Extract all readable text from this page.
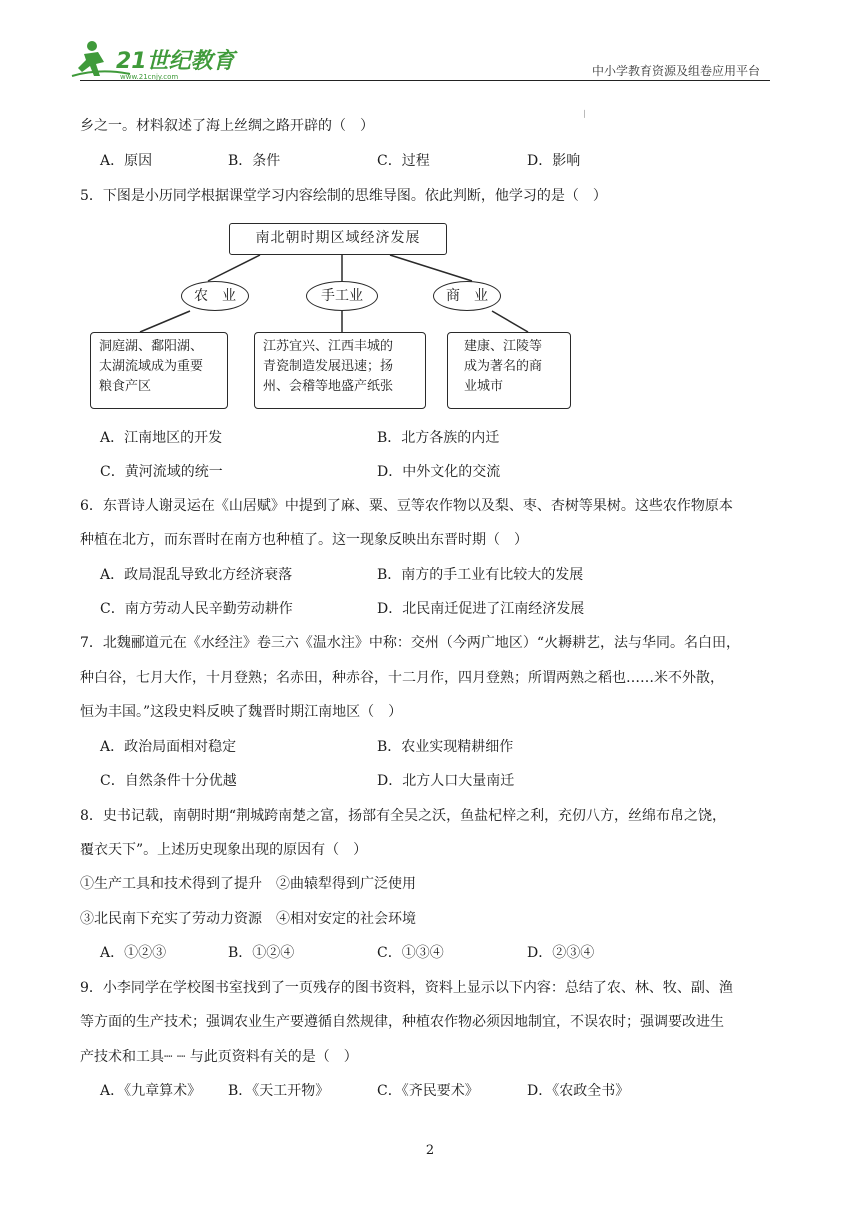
21世纪教育
www.21cnjy.com	中小学教育资源及组卷应用平台
ᛁ
乡之一。材料叙述了海上丝绸之路开辟的（　）
A．原因	B．条件	C．过程	D．影响
5．下图是小历同学根据课堂学习内容绘制的思维导图。依此判断，他学习的是（　）
南北朝时期区域经济发展
农　业	手工业	商　业
洞庭湖、鄱阳湖、
太湖流域成为重要
粮食产区
江苏宜兴、江西丰城的
青瓷制造发展迅速；扬
州、会稽等地盛产纸张
建康、江陵等
成为著名的商
业城市
A．江南地区的开发	B．北方各族的内迁
C．黄河流域的统一	D．中外文化的交流
6．东晋诗人谢灵运在《山居赋》中提到了麻、粟、豆等农作物以及梨、枣、杏树等果树。这些农作物原本
种植在北方，而东晋时在南方也种植了。这一现象反映出东晋时期（　）
A．政局混乱导致北方经济衰落	B．南方的手工业有比较大的发展
C．南方劳动人民辛勤劳动耕作	D．北民南迁促进了江南经济发展
7．北魏郦道元在《水经注》卷三六《温水注》中称：交州（今两广地区）“火耨耕艺，法与华同。名白田，
种白谷，七月大作，十月登熟；名赤田，种赤谷，十二月作，四月登熟；所谓两熟之稻也……米不外散，
恒为丰国。”这段史料反映了魏晋时期江南地区（　）
A．政治局面相对稳定	B．农业实现精耕细作
C．自然条件十分优越	D．北方人口大量南迁
8．史书记载，南朝时期“荆城跨南楚之富，扬部有全吴之沃，鱼盐杞梓之利，充仞八方，丝绵布帛之饶，
覆衣天下”。上述历史现象出现的原因有（　）
①生产工具和技术得到了提升　②曲辕犁得到广泛使用
③北民南下充实了劳动力资源　④相对安定的社会环境
A．①②③	B．①②④	C．①③④	D．②③④
9．小李同学在学校图书室找到了一页残存的图书资料，资料上显示以下内容：总结了农、林、牧、副、渔
等方面的生产技术；强调农业生产要遵循自然规律，种植农作物必须因地制宜，不误农时；强调要改进生
产技术和工具┈ ┈ 与此页资料有关的是（　）
A．《九章算术》 B．《天工开物》	C．《齐民要术》	D．《农政全书》
2
